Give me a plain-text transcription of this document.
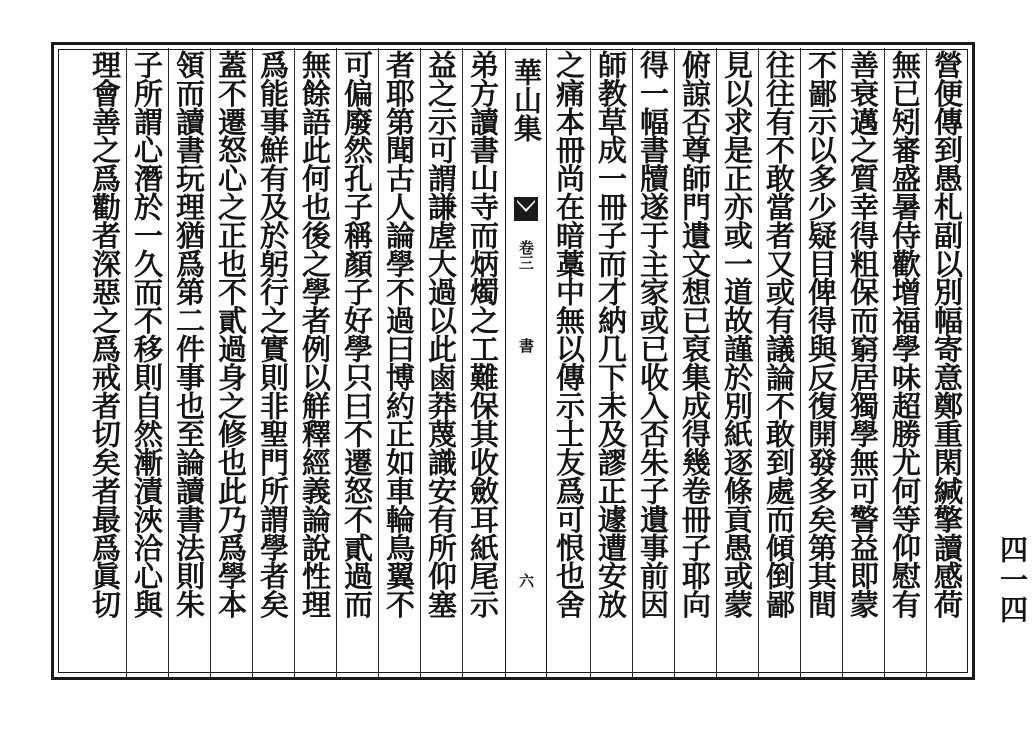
營便傳到愚札副以別幅寄意鄭重閑緘擎讀感荷
無已矧審盛暑侍歡增福學味超勝尤何等仰慰有
善衰邁之質幸得粗保而窮居獨學無可警益即蒙
不鄙示以多少疑目俾得與反復開發多矣第其間
往往有不敢當者又或有議論不敢到處而傾倒鄙
見以求是正亦或一道故謹於別紙逐條貢愚或蒙
俯諒否尊師門遺文想已裒集成得幾卷冊子耶向
得一幅書牘遂于主家或已收入否朱子遺事前因
師教草成一冊子而才納几下未及謬正遽遭安放
之痛本冊尚在暗藁中無以傳示士友爲可恨也舍
華山集
卷三
書
六
弟方讀書山寺而炳燭之工難保其收斂耳紙尾示
益之示可謂謙虗大過以此鹵莽蔑識安有所仰塞
者耶第聞古人論學不過曰博約正如車輪鳥翼不
可偏廢然孔子稱顏子好學只曰不遷怒不貳過而
無餘語此何也後之學者例以觧釋經義論說性理
爲能事鮮有及於躬行之實則非聖門所謂學者矣
蓋不遷怒心之正也不貳過身之修也此乃爲學本
領而讀書玩理猶爲第二件事也至論讀書法則朱
子所謂心潛於一久而不移則自然漸漬浹洽心與
理會善之爲勸者深惡之爲戒者切矣者最爲眞切	四一四
